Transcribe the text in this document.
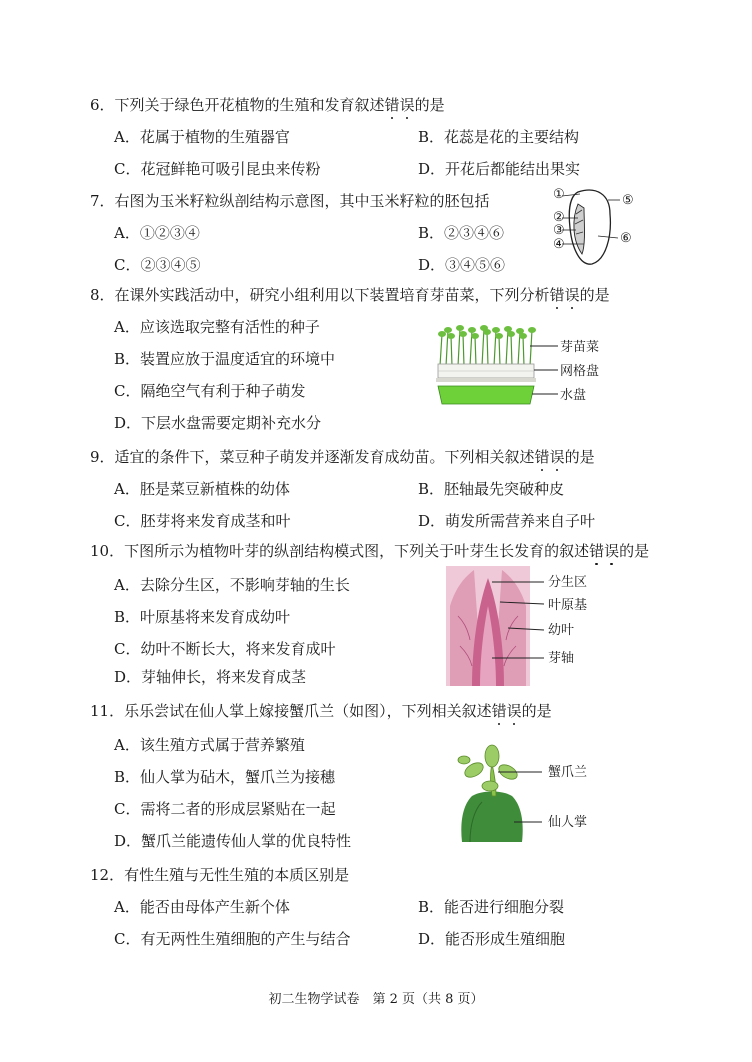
6．下列关于绿色开花植物的生殖和发育叙述错误的是
A．花属于植物的生殖器官	B．花蕊是花的主要结构
C．花冠鲜艳可吸引昆虫来传粉	D．开花后都能结出果实
7．右图为玉米籽粒纵剖结构示意图，其中玉米籽粒的胚包括
A．①②③④	B．②③④⑥
C．②③④⑤	D．③④⑤⑥
①
②
③
④
⑤
⑥
8．在课外实践活动中，研究小组利用以下装置培育芽苗菜，下列分析错误的是
A．应该选取完整有活性的种子
B．装置应放于温度适宜的环境中
C．隔绝空气有利于种子萌发
D．下层水盘需要定期补充水分
芽苗菜
网格盘
水盘
9．适宜的条件下，菜豆种子萌发并逐渐发育成幼苗。下列相关叙述错误的是
A．胚是菜豆新植株的幼体	B．胚轴最先突破种皮
C．胚芽将来发育成茎和叶	D．萌发所需营养来自子叶
10．下图所示为植物叶芽的纵剖结构模式图，下列关于叶芽生长发育的叙述错误的是
A．去除分生区，不影响芽轴的生长
B．叶原基将来发育成幼叶
C．幼叶不断长大，将来发育成叶
D．芽轴伸长，将来发育成茎
分生区
叶原基
幼叶
芽轴
11．乐乐尝试在仙人掌上嫁接蟹爪兰（如图），下列相关叙述错误的是
A．该生殖方式属于营养繁殖
B．仙人掌为砧木，蟹爪兰为接穗
C．需将二者的形成层紧贴在一起
D．蟹爪兰能遗传仙人掌的优良特性
蟹爪兰
仙人掌
12．有性生殖与无性生殖的本质区别是
A．能否由母体产生新个体	B．能否进行细胞分裂
C．有无两性生殖细胞的产生与结合	D．能否形成生殖细胞
初二生物学试卷　第 2 页（共 8 页）
